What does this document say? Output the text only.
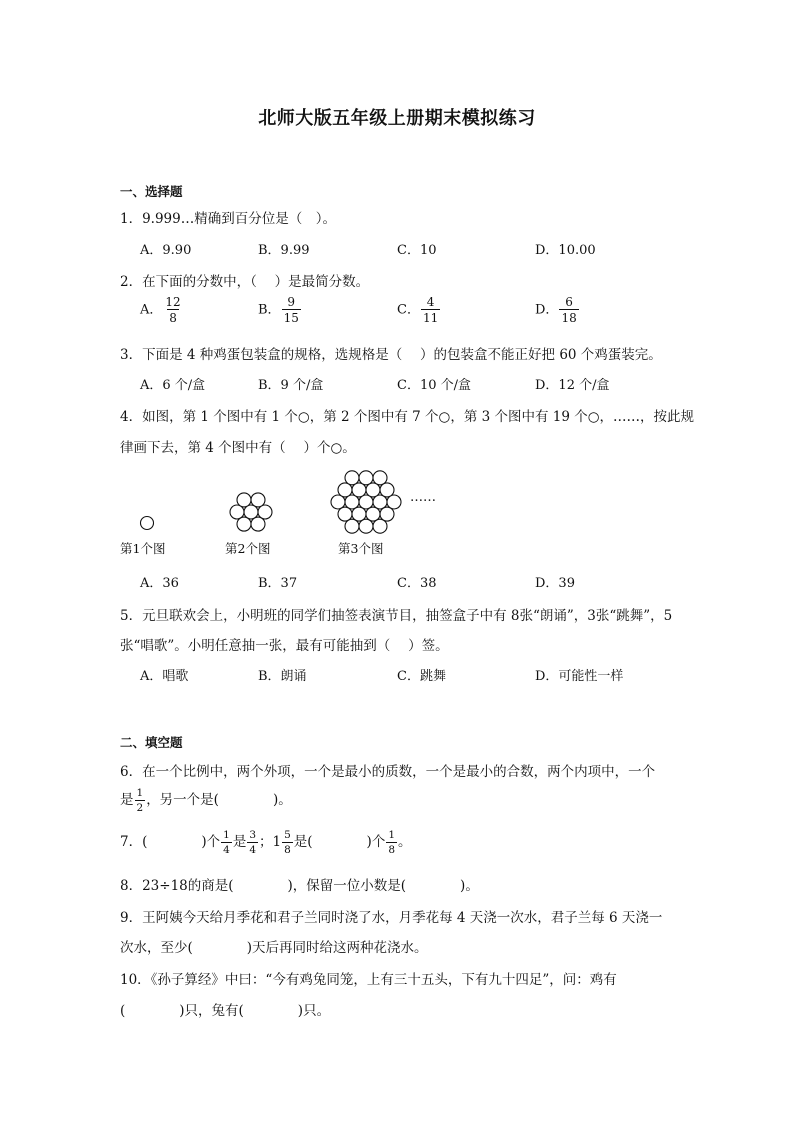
北师大版五年级上册期末模拟练习
一、选择题
1．9.999…精确到百分位是（　）。
A．9.90	B．9.99	C．10	D．10.00
2．在下面的分数中，（　 ）是最简分数。
A． $\frac{12}{8}$	B． $\frac{9}{15}$	C． $\frac{4}{11}$	D． $\frac{6}{18}$
3．下面是 4 种鸡蛋包装盒的规格，选规格是（　 ）的包装盒不能正好把 60 个鸡蛋装完。
A．6 个/盒	B．9 个/盒	C．10 个/盒	D．12 个/盒
4．如图，第 1 个图中有 1 个○，第 2 个图中有 7 个○，第 3 个图中有 19 个○，……，按此规
律画下去，第 4 个图中有（　 ）个○。
……
第1个图	第2个图	第3个图
A．36	B．37	C．38	D．39
5．元旦联欢会上，小明班的同学们抽签表演节目，抽签盒子中有 8张“朗诵”，3张“跳舞”，5
张“唱歌”。小明任意抽一张，最有可能抽到（　 ）签。
A．唱歌	B．朗诵	C．跳舞	D．可能性一样
二、填空题
6．在一个比例中，两个外项，一个是最小的质数，一个是最小的合数，两个内项中，一个
是 $\frac{1}{2}$ ，另一个是(　　　　)。
7．(　　　　)个 $\frac{1}{4}$ 是 $\frac{3}{4}$ ；$1 \frac{5}{8}$ 是(　　　　)个 $\frac{1}{8}$ 。
8．23÷18的商是(　　　　)，保留一位小数是(　　　　)。
9．王阿姨今天给月季花和君子兰同时浇了水，月季花每 4 天浇一次水，君子兰每 6 天浇一
次水，至少(　　　　)天后再同时给这两种花浇水。
10．《孙子算经》中曰：“今有鸡兔同笼，上有三十五头，下有九十四足”，问：鸡有
(　　　　)只，兔有(　　　　)只。
